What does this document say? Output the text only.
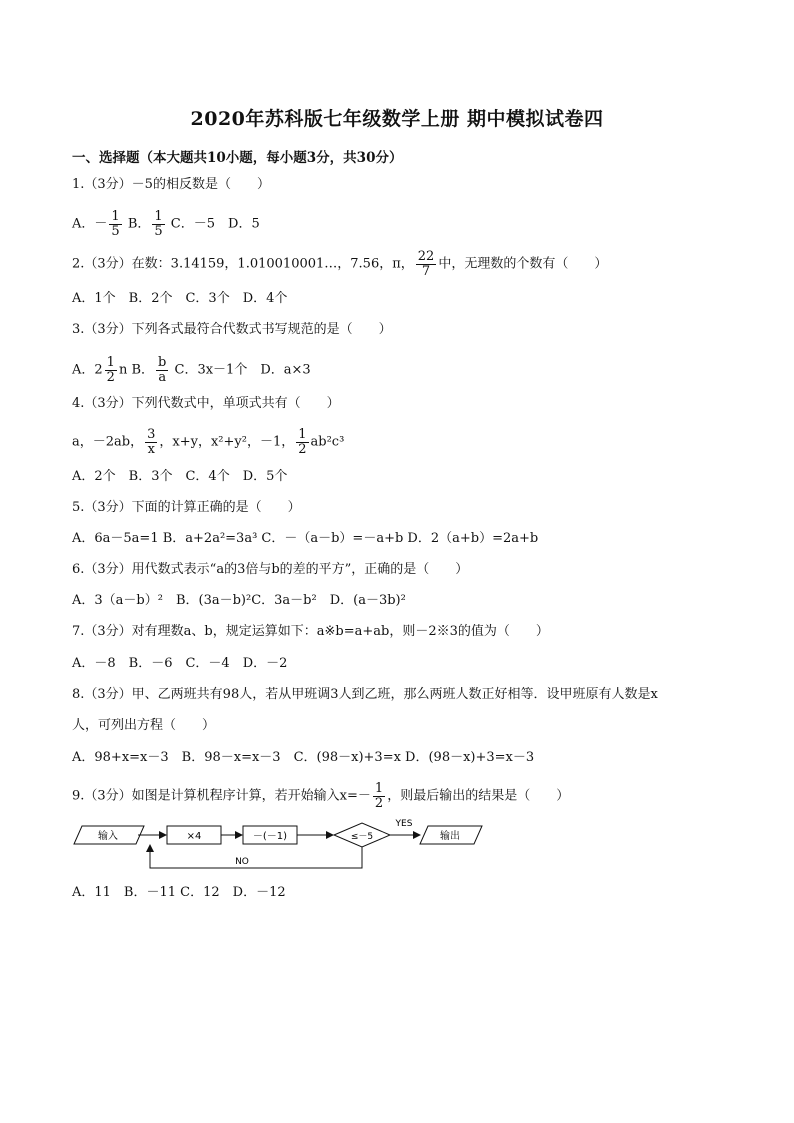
2020年苏科版七年级数学上册 期中模拟试卷四
一、选择题（本大题共10小题，每小题3分，共30分）
1.（3分）－5的相反数是（　　）
A．－ $\frac{1}{5}$ B． $\frac{1}{5}$ C．－5　D．5
2.（3分）在数：3.14159，1.010010001…，7.56，π， $\frac{22}{7}$ 中，无理数的个数有（　　）
A．1个　B．2个　C．3个　D．4个
3.（3分）下列各式最符合代数式书写规范的是（　　）
A．$2 \frac{1}{2}$ n B． $\frac{b}{a}$ C．3x－1个　D．a×3
4.（3分）下列代数式中，单项式共有（　　）
a，－2ab， $\frac{3}{x}$ ，x+y，x²+y²，－1， $\frac{1}{2} ab^2c^3$
A．2个　B．3个　C．4个　D．5个
5.（3分）下面的计算正确的是（　　）
A．6a－5a=1 B．a+2a²=3a³ C．－（a－b）=－a+b D．2（a+b）=2a+b
6.（3分）用代数式表示“a的3倍与b的差的平方”，正确的是（　　）
A．3（a－b）²　B．(3a－b)²C．3a－b²　D．(a－3b)²
7.（3分）对有理数a、b，规定运算如下：a※b=a+ab，则－2※3的值为（　　）
A．－8　B．－6　C．－4　D．－2
8.（3分）甲、乙两班共有98人，若从甲班调3人到乙班，那么两班人数正好相等．设甲班原有人数是x
人，可列出方程（　　）
A．98+x=x－3　B．98－x=x－3　C．(98－x)+3=x D．(98－x)+3=x－3
9.（3分）如图是计算机程序计算，若开始输入$x=- \frac{1}{2}$ ，则最后输出的结果是（　　）
输入	×4	－(－1)	≤－5
YES
输出
NO
A．11　B．－11 C．12　D．－12
